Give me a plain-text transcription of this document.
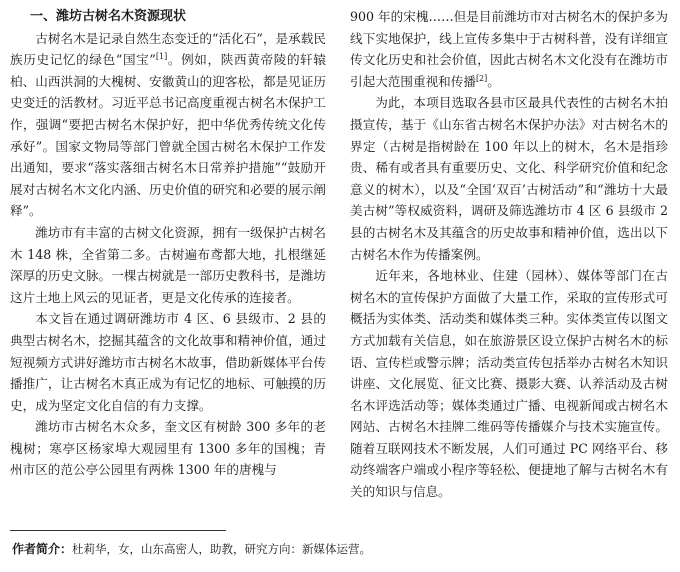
一、潍坊古树名木资源现状

古树名木是记录自然生态变迁的“活化石”，是承载民族历史记忆的绿色“国宝”[1]。例如，陕西黄帝陵的轩辕柏、山西洪洞的大槐树、安徽黄山的迎客松，都是见证历史变迁的活教材。习近平总书记高度重视古树名木保护工作，强调“要把古树名木保护好，把中华优秀传统文化传承好”。国家文物局等部门曾就全国古树名木保护工作发出通知，要求“落实落细古树名木日常养护措施”“鼓励开展对古树名木文化内涵、历史价值的研究和必要的展示阐释”。

潍坊市有丰富的古树文化资源，拥有一级保护古树名木 148 株，全省第二多。古树遍布鸢都大地，扎根继延深厚的历史文脉。一棵古树就是一部历史教科书，是潍坊这片土地上风云的见证者，更是文化传承的连接者。

本文旨在通过调研潍坊市 4 区、6 县级市、2 县的典型古树名木，挖掘其蕴含的文化故事和精神价值，通过短视频方式讲好潍坊市古树名木故事，借助新媒体平台传播推广，让古树名木真正成为有记忆的地标、可触摸的历史，成为坚定文化自信的有力支撑。

潍坊市古树名木众多，奎文区有树龄 300 多年的老槐树；寒亭区杨家埠大观园里有 1300 多年的国槐；青州市区的范公亭公园里有两株 1300 年的唐槐与

900 年的宋槐……但是目前潍坊市对古树名木的保护多为线下实地保护，线上宣传多集中于古树科普，没有详细宣传文化历史和社会价值，因此古树名木文化没有在潍坊市引起大范围重视和传播[2]。

为此，本项目选取各县市区最具代表性的古树名木拍摄宣传，基于《山东省古树名木保护办法》对古树名木的界定（古树是指树龄在 100 年以上的树木，名木是指珍贵、稀有或者具有重要历史、文化、科学研究价值和纪念意义的树木），以及“全国‘双百’古树活动”和“潍坊十大最美古树”等权威资料，调研及筛选潍坊市 4 区 6 县级市 2 县的古树名木及其蕴含的历史故事和精神价值，选出以下古树名木作为传播案例。

近年来，各地林业、住建（园林）、媒体等部门在古树名木的宣传保护方面做了大量工作，采取的宣传形式可概括为实体类、活动类和媒体类三种。实体类宣传以图文方式加载有关信息，如在旅游景区设立保护古树名木的标语、宣传栏或警示牌；活动类宣传包括举办古树名木知识讲座、文化展览、征文比赛、摄影大赛、认养活动及古树名木评选活动等；媒体类通过广播、电视新闻或古树名木网站、古树名木挂牌二维码等传播媒介与技术实施宣传。随着互联网技术不断发展，人们可通过 PC 网络平台、移动终端客户端或小程序等轻松、便捷地了解与古树名木有关的知识与信息。

作者简介：杜莉华，女，山东高密人，助教，研究方向：新媒体运营。
